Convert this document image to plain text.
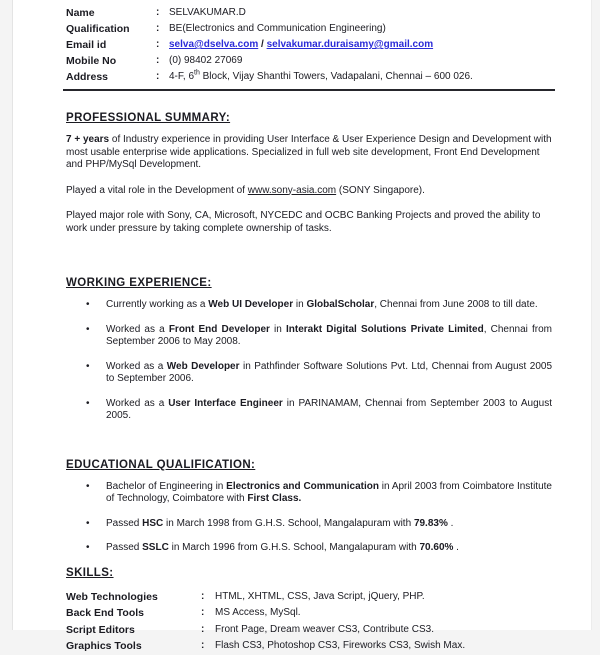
Name	: SELVAKUMAR.D
Qualification	: BE(Electronics and Communication Engineering)
Email id	: selva@dselva.com / selvakumar.duraisamy@gmail.com
Mobile No	: (0) 98402 27069
Address	: 4-F, 6th Block, Vijay Shanthi Towers, Vadapalani, Chennai – 600 026.
PROFESSIONAL SUMMARY:

7 + years of Industry experience in providing User Interface & User Experience Design and Development with most usable enterprise wide applications. Specialized in full web site development, Front End Development and PHP/MySql Development.

Played a vital role in the Development of www.sony-asia.com (SONY Singapore).

Played major role with Sony, CA, Microsoft, NYCEDC and OCBC Banking Projects and proved the ability to work under pressure by taking complete ownership of tasks.

WORKING EXPERIENCE:
•	Currently working as a Web UI Developer in GlobalScholar, Chennai from June 2008 to till date.
•	Worked as a Front End Developer in Interakt Digital Solutions Private Limited, Chennai from September 2006 to May 2008.
•	Worked as a Web Developer in Pathfinder Software Solutions Pvt. Ltd, Chennai from August 2005 to September 2006.
•	Worked as a User Interface Engineer in PARINAMAM, Chennai from September 2003 to August 2005.
EDUCATIONAL QUALIFICATION:
•	Bachelor of Engineering in Electronics and Communication in April 2003 from Coimbatore Institute of Technology, Coimbatore with First Class.
•	Passed HSC in March 1998 from G.H.S. School, Mangalapuram with 79.83% .
•	Passed SSLC in March 1996 from G.H.S. School, Mangalapuram with 70.60% .
SKILLS:
Web Technologies	:	HTML, XHTML, CSS, Java Script, jQuery, PHP.
Back End Tools	:	MS Access, MySql.
Script Editors	:	Front Page, Dream weaver CS3, Contribute CS3.
Graphics Tools	:	Flash CS3, Photoshop CS3, Fireworks CS3, Swish Max.
